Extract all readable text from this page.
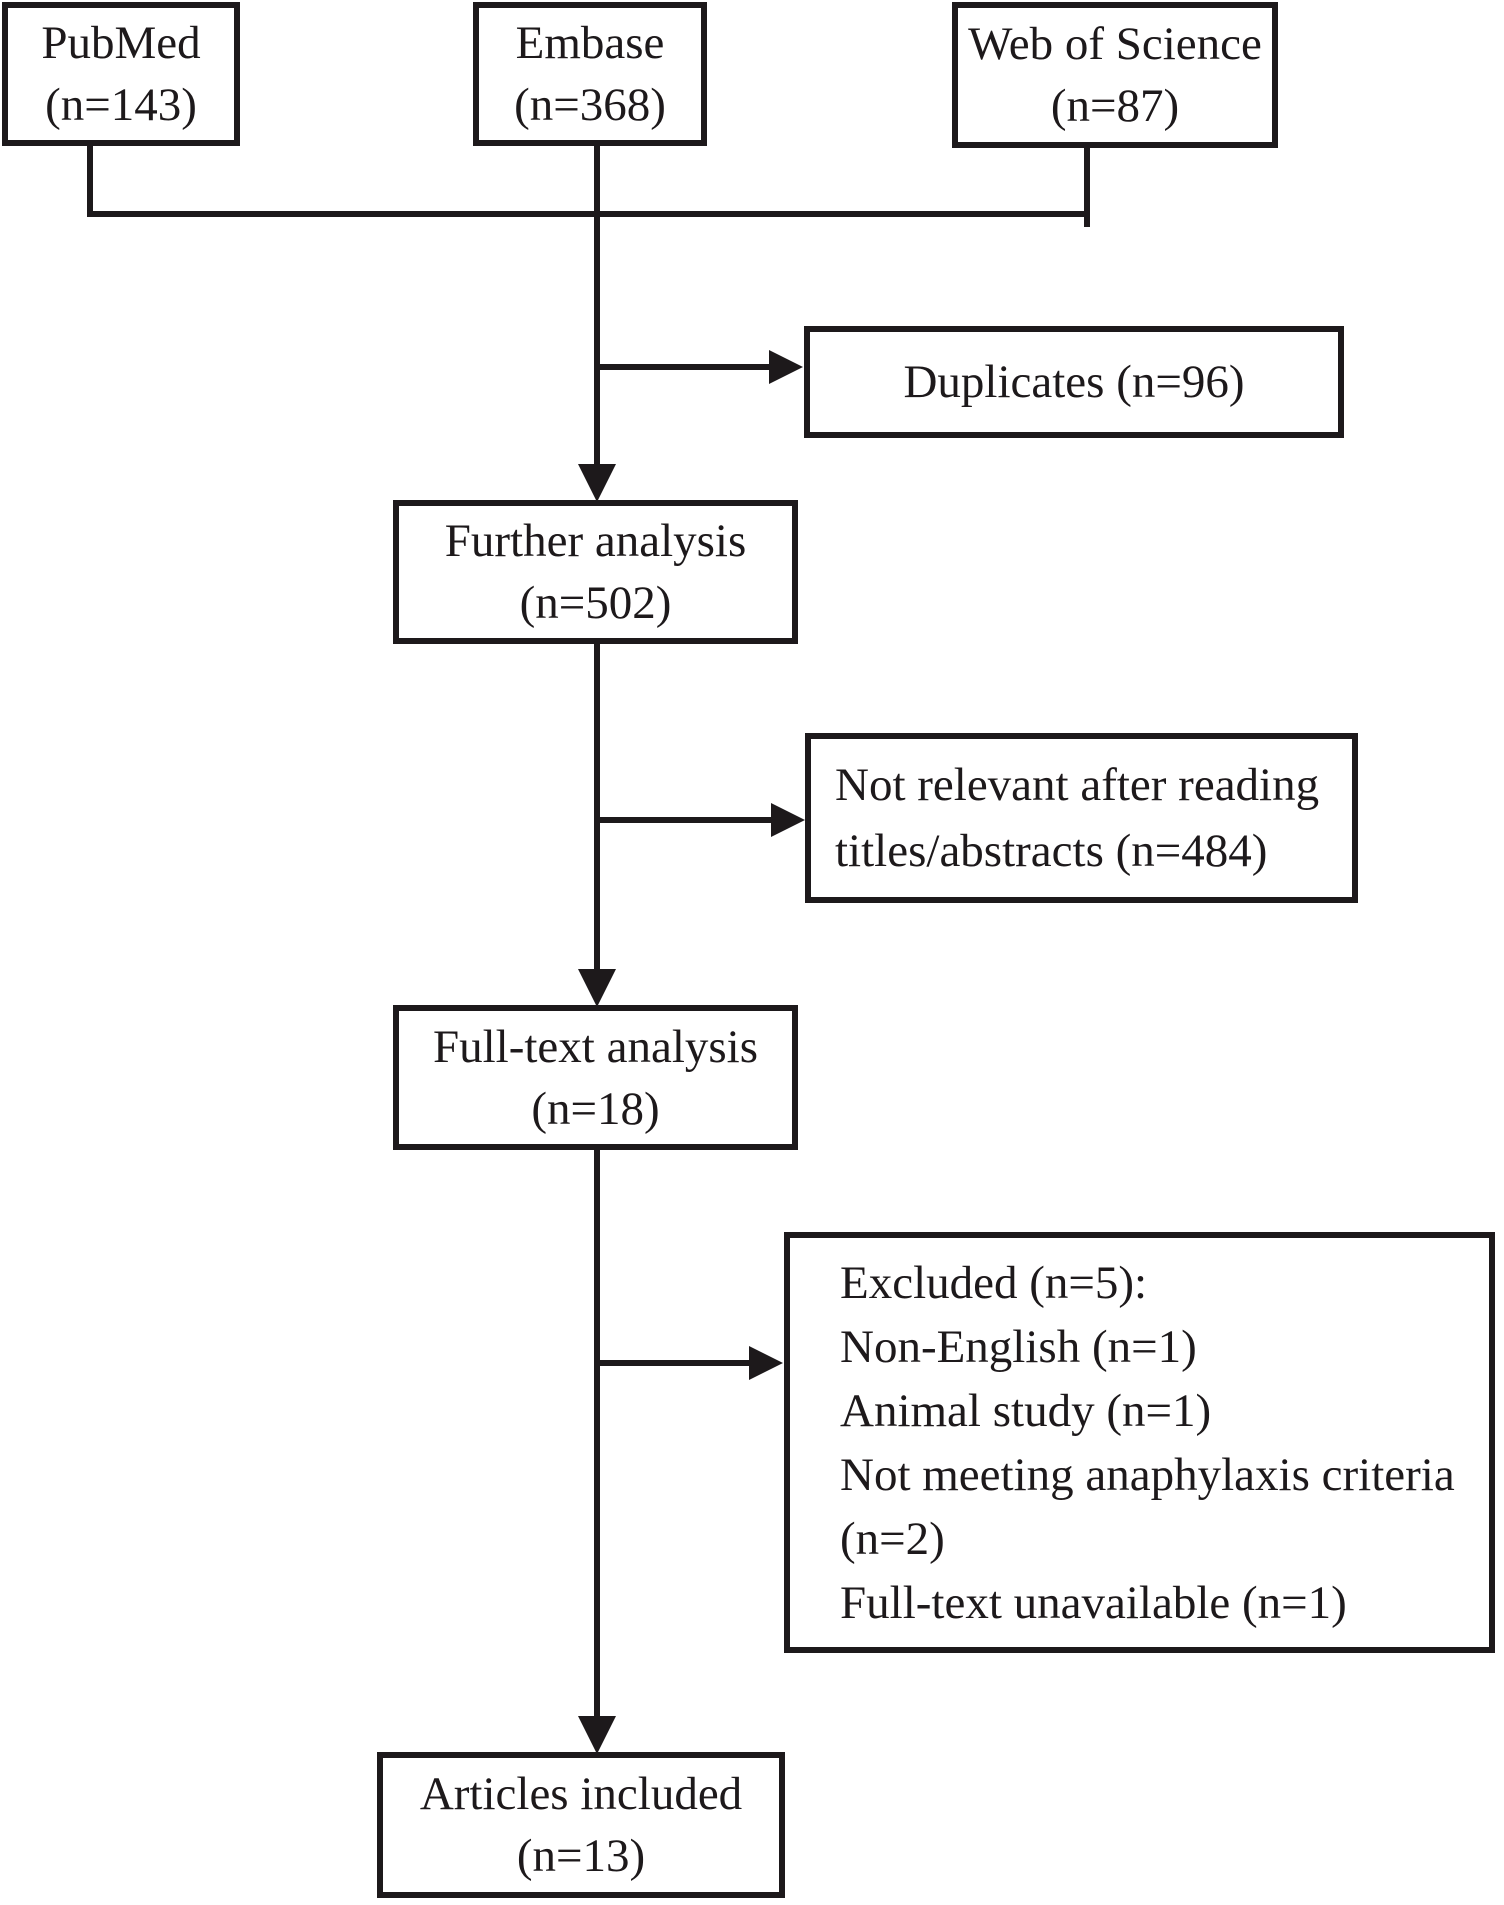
PubMed
(n=143)
Embase
(n=368)
Web of Science
(n=87)
Duplicates (n=96)
Further analysis
(n=502)
Not relevant after reading
titles/abstracts (n=484)
Full-text analysis
(n=18)
Excluded (n=5):
Non-English (n=1)
Animal study (n=1)
Not meeting anaphylaxis criteria
(n=2)
Full-text unavailable (n=1)
Articles included
(n=13)
